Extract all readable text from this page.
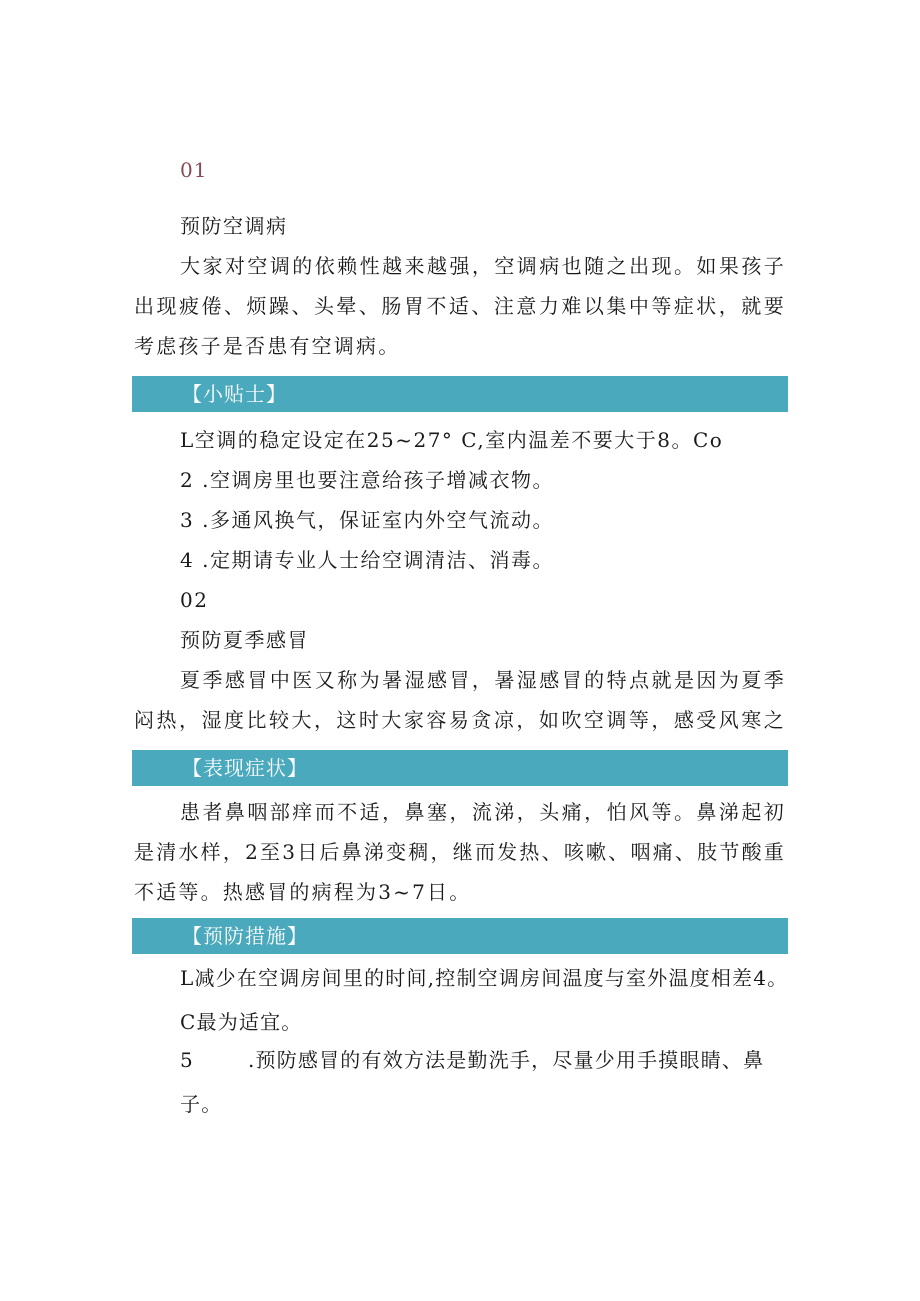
01
预防空调病
大家对空调的依赖性越来越强，空调病也随之出现。如果孩子出现疲倦、烦躁、头晕、肠胃不适、注意力难以集中等症状，就要考虑孩子是否患有空调病。
【小贴士】
L空调的稳定设定在25~27° C,室内温差不要大于8。Co
2 .空调房里也要注意给孩子增减衣物。
3 .多通风换气，保证室内外空气流动。
4 .定期请专业人士给空调清洁、消毒。
02
预防夏季感冒
夏季感冒中医又称为暑湿感冒，暑湿感冒的特点就是因为夏季闷热，湿度比较大，这时大家容易贪凉，如吹空调等，感受风寒之
【表现症状】
患者鼻咽部痒而不适，鼻塞，流涕，头痛，怕风等。鼻涕起初是清水样，2至3日后鼻涕变稠，继而发热、咳嗽、咽痛、肢节酸重不适等。热感冒的病程为3~7日。
【预防措施】
L减少在空调房间里的时间,控制空调房间温度与室外温度相差4。C最为适宜。
5	.预防感冒的有效方法是勤洗手，尽量少用手摸眼睛、鼻子。
